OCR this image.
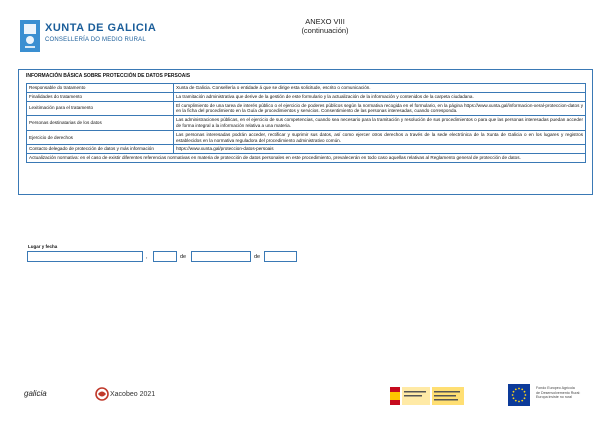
XUNTA DE GALICIA
CONSELLERÍA DO MEDIO RURAL
ANEXO VIII
(continuación)
INFORMACIÓN BÁSICA SOBRE PROTECCIÓN DE DATOS PERSOAIS
Responsable do tratamento	Xunta de Galicia. Consellería o entidade á que se dirige esta solicitude, escrito o comunicación.
Finalidades do tratamento	La tramitación administrativa que derive de la gestión de este formulario y la actualización de la información y contenidos de la carpeta ciudadana.
Lexitimación para el tratamento	El cumplimiento de una tarea de interés público o el ejercicio de poderes públicos según la normativa recogida en el formulario, en la página https://www.xunta.gal/informacion-xeral-proteccion-datos y en la ficha del procedimiento en la Guía de procedimientos y servicios. Consentimiento de las personas interesadas, cuando corresponda.
Personas destinatarias de los datos	Las administraciones públicas, en el ejercicio de sus competencias, cuando sea necesario para la tramitación y resolución de sus procedimientos o para que las personas interesadas puedan acceder de forma integral a la información relativa a una materia.
Ejercicio de derechos	Las personas interesadas podrán acceder, rectificar y suprimir sus datos, así como ejercer otros derechos a través de la sede electrónica de la Xunta de Galicia o en los lugares y registros establecidos en la normativa reguladora del procedimiento administrativo común.
Contacto delegado de protección de datos y más información	https://www.xunta.gal/proteccion-datos-persoais
Actualización normativa: en el caso de existir diferentes referencias normativas en materia de protección de datos personales en este procedimiento, prevalecerán en todo caso aquellas relativas al Reglamento general de protección de datos.	
Lugar y fecha
,	de	de
galicia	Xacobeo 2021
Fondo Europeo Agrícola
de Desenvolvemento Rural:
Europa inviste no rural
